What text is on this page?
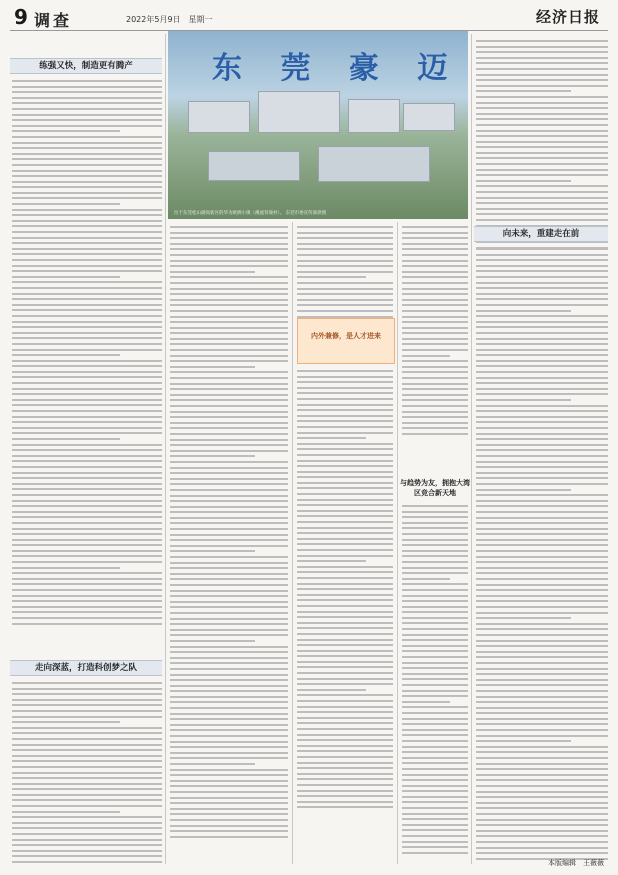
9 调查	2022年5月9日　星期一	经济日报
练强又快，制造更有腾产
走向深蓝，打造科创梦之队
东 莞 豪 迈
位于东莞松山湖高新区的华为欧洲小镇（溪流背坡村）。 东莞市委宣传部供图
内外兼修，是人才进来
与趋势为友，拥抱大湾区竞合新天地
向未来，重建走在前
本版编辑　王薇薇
